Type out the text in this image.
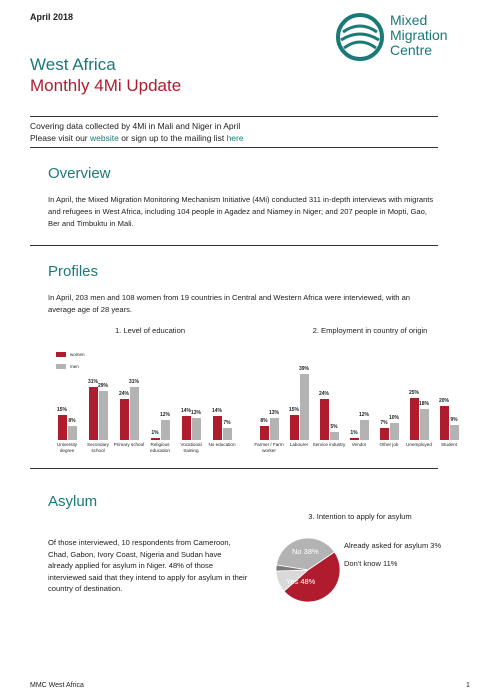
April 2018	Mixed
Migration
Centre
West Africa
Monthly 4Mi Update
Covering data collected by 4Mi in Mali and Niger in April
Please visit our website or sign up to the mailing list here
Overview
In April, the Mixed Migration Monitoring Mechanism Initiative (4Mi) conducted 311 in-depth interviews with migrants and refugees in West Africa, including 104 people in Agadez and Niamey in Niger; and 207 people in Mopti, Gao, Ber and Timbuktu in Mali.
Profiles
In April, 203 men and 108 women from 19 countries in Central and Western Africa were interviewed, with an average age of 28 years.
1. Level of education
women
men
15%
8%
University degree
31%
29%
Secondary school
24%
31%
Primary school
1%
12%
Religious education
14% 13%
Vocational training
14%
7%
No education
2. Employment in country of origin
8%
13%
Farmer / Farm worker
15%
39%
Labourer
24%
5%
Service industry
1%
12%
Vendor
7%
10%
Other job
25%
18%
Unemployed
20%
9%
Student
Asylum
Of those interviewed, 10 respondents from Cameroon, Chad, Gabon, Ivory Coast, Nigeria and Sudan have already applied for asylum in Niger. 48% of those interviewed said that they intend to apply for asylum in their country of destination.
3. Intention to apply for asylum
No 38%
Yes 48%
Already asked for asylum 3%
Don't know 11%
MMC West Africa	1
